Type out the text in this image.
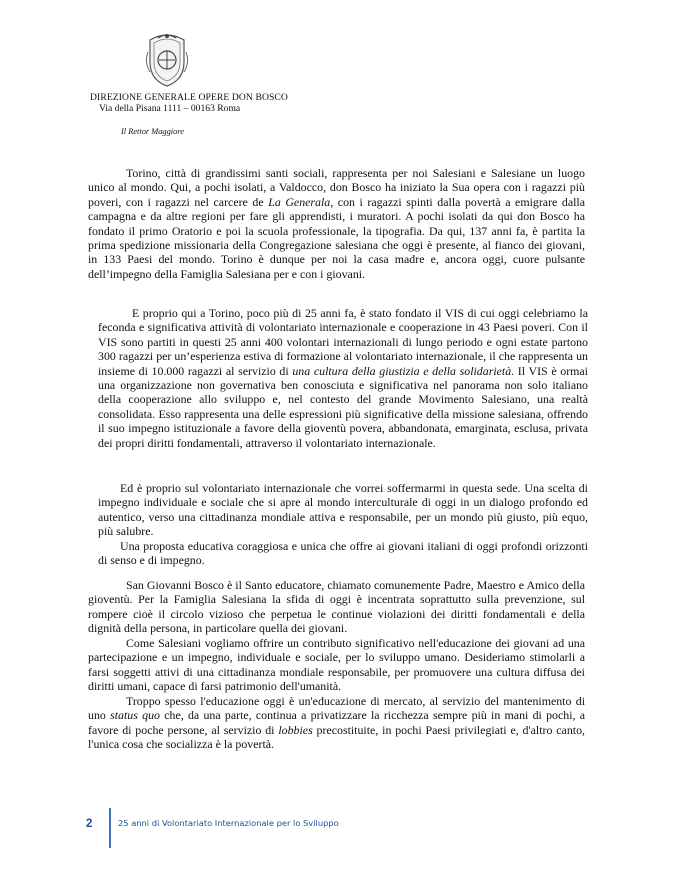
DIREZIONE GENERALE OPERE DON BOSCO
Via della Pisana 1111 – 00163 Roma
Il Rettor Maggiore
Torino, città di grandissimi santi sociali, rappresenta per noi Salesiani e Salesiane un luogo unico al mondo. Qui, a pochi isolati, a Valdocco, don Bosco ha iniziato la Sua opera con i ragazzi più poveri, con i ragazzi nel carcere de La Generala, con i ragazzi spinti dalla povertà a emigrare dalla campagna e da altre regioni per fare gli apprendisti, i muratori. A pochi isolati da qui don Bosco ha fondato il primo Oratorio e poi la scuola professionale, la tipografia. Da qui, 137 anni fa, è partita la prima spedizione missionaria della Congregazione salesiana che oggi è presente, al fianco dei giovani, in 133 Paesi del mondo. Torino è dunque per noi la casa madre e, ancora oggi, cuore pulsante dell’impegno della Famiglia Salesiana per e con i giovani.
E proprio qui a Torino, poco più di 25 anni fa, è stato fondato il VIS di cui oggi celebriamo la feconda e significativa attività di volontariato internazionale e cooperazione in 43 Paesi poveri. Con il VIS sono partiti in questi 25 anni 400 volontari internazionali di lungo periodo e ogni estate partono 300 ragazzi per un’esperienza estiva di formazione al volontariato internazionale, il che rappresenta un insieme di 10.000 ragazzi al servizio di una cultura della giustizia e della solidarietà. Il VIS è ormai una organizzazione non governativa ben conosciuta e significativa nel panorama non solo italiano della cooperazione allo sviluppo e, nel contesto del grande Movimento Salesiano, una realtà consolidata. Esso rappresenta una delle espressioni più significative della missione salesiana, offrendo il suo impegno istituzionale a favore della gioventù povera, abbandonata, emarginata, esclusa, privata dei propri diritti fondamentali, attraverso il volontariato internazionale.
Ed è proprio sul volontariato internazionale che vorrei soffermarmi in questa sede. Una scelta di impegno individuale e sociale che si apre al mondo interculturale di oggi in un dialogo profondo ed autentico, verso una cittadinanza mondiale attiva e responsabile, per un mondo più giusto, più equo, più salubre.
Una proposta educativa coraggiosa e unica che offre ai giovani italiani di oggi profondi orizzonti di senso e di impegno.
San Giovanni Bosco è il Santo educatore, chiamato comunemente Padre, Maestro e Amico della gioventù. Per la Famiglia Salesiana la sfida di oggi è incentrata soprattutto sulla prevenzione, sul rompere cioè il circolo vizioso che perpetua le continue violazioni dei diritti fondamentali e della dignità della persona, in particolare quella dei giovani.
Come Salesiani vogliamo offrire un contributo significativo nell'educazione dei giovani ad una partecipazione e un impegno, individuale e sociale, per lo sviluppo umano. Desideriamo stimolarli a farsi soggetti attivi di una cittadinanza mondiale responsabile, per promuovere una cultura diffusa dei diritti umani, capace di farsi patrimonio dell'umanità.
Troppo spesso l'educazione oggi è un'educazione di mercato, al servizio del mantenimento di uno status quo che, da una parte, continua a privatizzare la ricchezza sempre più in mani di pochi, a favore di poche persone, al servizio di lobbies precostituite, in pochi Paesi privilegiati e, d'altro canto, l'unica cosa che socializza è la povertà.
2	25 anni di Volontariato Internazionale per lo Sviluppo
